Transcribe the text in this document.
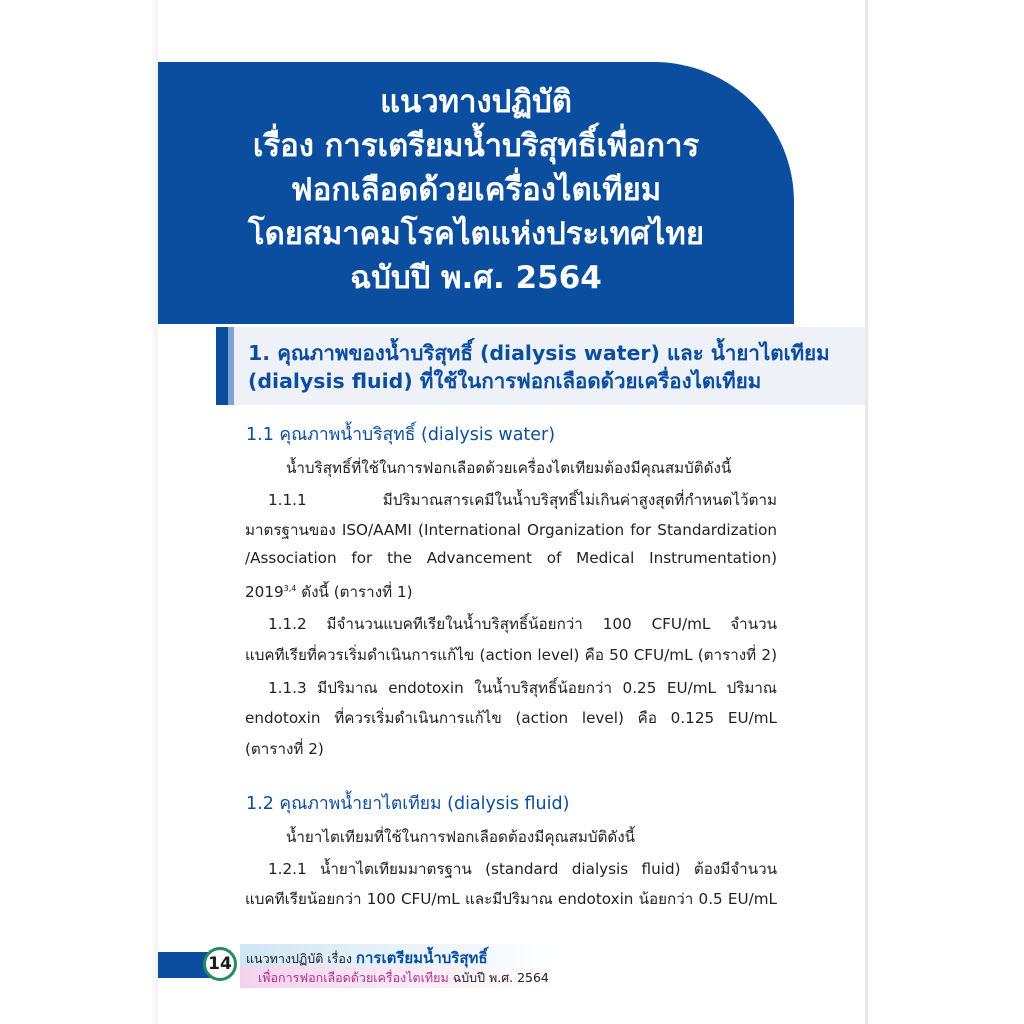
แนวทางปฏิบัติ
เรื่อง การเตรียมน้ำบริสุทธิ์เพื่อการ
ฟอกเลือดด้วยเครื่องไตเทียม
โดยสมาคมโรคไตแห่งประเทศไทย
ฉบับปี พ.ศ. 2564
1. คุณภาพของน้ำบริสุทธิ์ (dialysis water) และ น้ำยาไตเทียม
(dialysis fluid) ที่ใช้ในการฟอกเลือดด้วยเครื่องไตเทียม
1.1 คุณภาพน้ำบริสุทธิ์ (dialysis water)
น้ำบริสุทธิ์ที่ใช้ในการฟอกเลือดด้วยเครื่องไตเทียมต้องมีคุณสมบัติดังนี้
1.1.1 มีปริมาณสารเคมีในน้ำบริสุทธิ์ไม่เกินค่าสูงสุดที่กำหนดไว้ตาม
มาตรฐานของ ISO/AAMI (International Organization for Standardization
/Association for the Advancement of Medical Instrumentation)
2019$^{3,4}$ ดังนี้ (ตารางที่ 1)
1.1.2 มีจำนวนแบคทีเรียในน้ำบริสุทธิ์น้อยกว่า 100 CFU/mL จำนวน
แบคทีเรียที่ควรเริ่มดำเนินการแก้ไข (action level) คือ 50 CFU/mL (ตารางที่ 2)
1.1.3 มีปริมาณ endotoxin ในน้ำบริสุทธิ์น้อยกว่า 0.25 EU/mL ปริมาณ
endotoxin ที่ควรเริ่มดำเนินการแก้ไข (action level) คือ 0.125 EU/mL
(ตารางที่ 2)
1.2 คุณภาพน้ำยาไตเทียม (dialysis fluid)
น้ำยาไตเทียมที่ใช้ในการฟอกเลือดต้องมีคุณสมบัติดังนี้
1.2.1 น้ำยาไตเทียมมาตรฐาน (standard dialysis fluid) ต้องมีจำนวน
แบคทีเรียน้อยกว่า 100 CFU/mL และมีปริมาณ endotoxin น้อยกว่า 0.5 EU/mL
14	แนวทางปฏิบัติ เรื่อง การเตรียมน้ำบริสุทธิ์
เพื่อการฟอกเลือดด้วยเครื่องไตเทียม ฉบับปี พ.ศ. 2564
